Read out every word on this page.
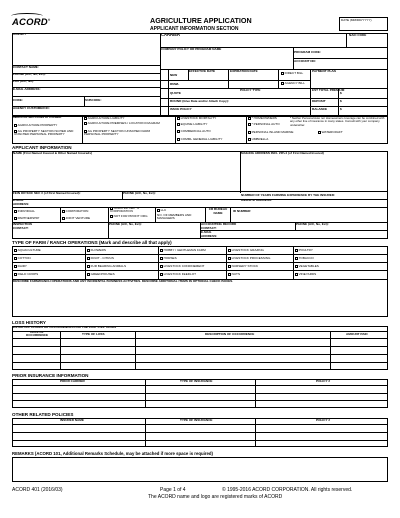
ACORD®	AGRICULTURE APPLICATION
APPLICANT INFORMATION SECTION
DATE (MM/DD/YYYY)
AGENCY	CARRIER	NAIC CODE
COMPANY POLICY OR PROGRAM NAME
PROGRAM CODE:
ACCOUNT NO:
CONTACT NAME:
PHONE (A/C, No, Ext):
FAX (A/C, No):
E-MAIL ADDRESS:
CODE:	SUBCODE:
AGENCY CUSTOMER ID:
NEW
EFFECTIVE DATE	EXPIRATION DATE
DIRECT BILL
PAYMENT PLAN
RNWL	AGENCY BILL
QUOTE
POLICY TYPE	EST TOTAL PREMIUM
$
BOUND (Give Date and/or Attach Copy):	DEPOSIT	$
ISSUE POLICY	BALANCE	$
INDICATE SECTIONS ATTACHED
AGRICULTURE PROPERTY
AG PROPERTY SECTION SCHED AND UNSCHED PERSONAL PROPERTY
AGRICULTURE LIABILITY
AGRICULTURE PREMISES / LOCATION DIAGRAM
AG PROPERTY SECTION UNSCHED FARM PERSONAL PROPERTY
LIVESTOCK MORTALITY
EQUINE LIABILITY
COMMERCIAL AUTO
COMML GENERAL LIABILITY
* HOMEOWNERS
* PERSONAL AUTO
PERSONAL INLAND MARINE
UMBRELLA
* Neither Personal Auto nor Homeowners coverage can be combined with any other line of insurance in many states. Consult with your company underwriter.
WATERCRAFT
APPLICANT INFORMATION
NAME (First Named Insured & Other Named Insureds)	MAILING ADDRESS INCL ZIP+4 (of First Named Insured)
FEIN OR SOC SEC # (of First Named Insured):	PHONE (A/C, No, Ext):	NUMBER OF YEARS FARMING EXPERIENCE BY THE INSURED:
E-MAIL ADDRESS:
WEBSITE ADDRESS:
INDIVIDUAL	CORPORATION
SUBCHAPTER "S" CORPORATION	LLC
PARTNERSHIP	JOINT VENTURE	NOT FOR PROFIT ORG	NO. OF MEMBERS AND MANAGERS
CR BUREAU NAME	ID NUMBER
INSPECTION CONTACT:
PHONE (A/C, No, Ext):	ACCOUNTING RECORD CONTACT:
PHONE (A/C, No, Ext):
E-MAIL ADDRESS:
TYPE OF FARM / RANCH OPERATIONS (Mark and describe all that apply)
AQUACULTURE
COTTON
DAIRY
FIELD CROPS
FLOWERS
FRUIT - CITRUS
FUR BEARING ANIMALS
GREENHOUSES
HOBBY / GENTLEMAN FARM
HORSES
LIVESTOCK CONFINEMENT
LIVESTOCK FEEDLOT
LIVESTOCK GRAZING
LIVESTOCK PROCESSING
NURSERY STOCK
NUTS
POULTRY
TOBACCO
VEGETABLES
VINEYARDS
DESCRIBE FARM/RANCH OPERATIONS AND ANY INCIDENTAL BUSINESS ACTIVITIES. DESCRIBE ADDITIONAL ITEMS IN OPTIONAL CHECK BOXES.
LOSS HISTORY
ENTER ALL CLAIMS OR OCCURRENCES FOR THE PAST FIVE YEARS
DATE OF OCCURRENCE	TYPE OF LOSS	DESCRIPTION OF OCCURRENCE	AMOUNT PAID
PRIOR INSURANCE INFORMATION
PRIOR CARRIER	TYPE OF INSURANCE	POLICY #
OTHER RELATED POLICIES
INSURED NAME	TYPE OF INSURANCE	POLICY #
REMARKS (ACORD 101, Additional Remarks Schedule, may be attached if more space is required)
ACORD 401 (2016/03)	Page 1 of 4	© 1995-2016 ACORD CORPORATION. All rights reserved.
The ACORD name and logo are registered marks of ACORD
